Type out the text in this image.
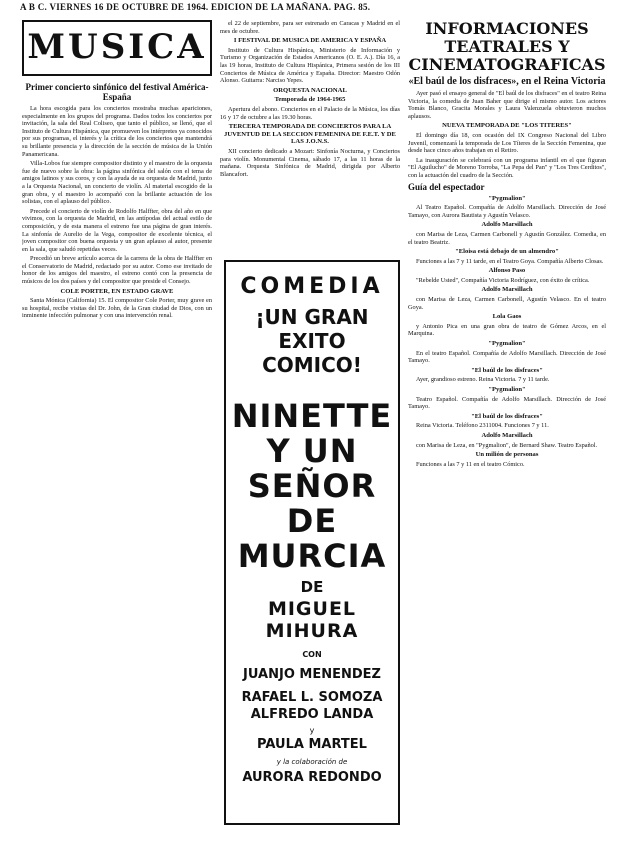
A B C. VIERNES 16 DE OCTUBRE DE 1964. EDICION DE LA MAÑANA. PAG. 85.
MUSICA
Primer concierto sinfónico del festival América-España

La hora escogida para los conciertos mostraba muchas apariciones, especialmente en los grupos del programa. Dados todos los conciertos por invitación, la sala del Real Coliseo, que tanto el público, se llenó, que el Instituto de Cultura Hispánica, que promueven los intérpretes ya conocidos por sus programas, el interés y la crítica de los conciertos que mantendrá su brillante presencia y la dirección de la sección de música de la Unión Panamericana.

Villa-Lobos fue siempre compositor distinto y el maestro de la orquesta fue de nuevo sobre la obra: la página sinfónica del salón con el tema de amigos latinos y sus coros, y con la ayuda de su orquesta de Madrid, junto a la Orquesta Nacional, un concierto de violín. Al material escogido de la gran obra, y el maestro lo acompañó con la brillante actuación de los solistas, con el aplauso del público.

Precede el concierto de violín de Rodolfo Halffter, obra del año en que vivimos, con la orquesta de Madrid, en las antípodas del actual estilo de composición, y de esta manera el estreno fue una página de gran interés. La sinfonía de Aurelio de la Vega, compositor de excelente técnica, el joven compositor con buena orquesta y un gran aplauso al autor, presente en la sala, que saludó repetidas veces.

Precedió un breve artículo acerca de la carrera de la obra de Halffter en el Conservatorio de Madrid, redactado por su autor. Como ese invitado de honor de los amigos del maestro, el estreno contó con la presencia de músicos de los dos países y del compositor que preside el Consejo.

COLE PORTER, EN ESTADO GRAVE

Santa Mónica (California) 15. El compositor Cole Porter, muy grave en su hospital, recibe visitas del Dr. John, de la Gran ciudad de Dios, con un inminente infección pulmonar y con una intervención renal.

el 22 de septiembre, para ser estrenado en Caracas y Madrid en el mes de octubre.

I FESTIVAL DE MUSICA DE AMERICA Y ESPAÑA

Instituto de Cultura Hispánica, Ministerio de Información y Turismo y Organización de Estados Americanos (O. E. A.). Día 16, a las 19 horas, Instituto de Cultura Hispánica, Primera sesión de los III Conciertos de Música de América y España. Director: Maestro Odón Alonso. Guitarra: Narciso Yepes.

ORQUESTA NACIONAL
Temporada de 1964-1965

Apertura del abono. Conciertos en el Palacio de la Música, los días 16 y 17 de octubre a las 19.30 horas.

TERCERA TEMPORADA DE CONCIERTOS PARA LA JUVENTUD DE LA SECCION FEMENINA DE F.E.T. Y DE LAS J.O.N.S.

XII concierto dedicado a Mozart: Sinfonía Nocturna, y Conciertos para violín. Monumental Cinema, sábado 17, a las 11 horas de la mañana. Orquesta Sinfónica de Madrid, dirigida por Alberto Blancafort.

COMEDIA
¡UN GRAN EXITO COMICO!
NINETTE Y UN SEÑOR DE MURCIA
DE
MIGUEL MIHURA
CON
JUANJO MENENDEZ
RAFAEL L. SOMOZA
ALFREDO LANDA
y
PAULA MARTEL
y la colaboración de
AURORA REDONDO
INFORMACIONES TEATRALES Y CINEMATOGRAFICAS
«El baúl de los disfraces», en el Reina Victoria

Ayer pasó el ensayo general de "El baúl de los disfraces" en el teatro Reina Victoria, la comedia de Juan Baher que dirige el mismo autor. Los actores Tomás Blanco, Gracita Morales y Laura Valenzuela obtuvieron muchos aplausos.

NUEVA TEMPORADA DE "LOS TITERES"

El domingo día 18, con ocasión del IX Congreso Nacional del Libro Juvenil, comenzará la temporada de Los Títeres de la Sección Femenina, que desde hace cinco años trabajan en el Retiro.

La inauguración se celebrará con un programa infantil en el que figuran "El Aguilucho" de Moreno Torroba, "La Pepa del Pan" y "Los Tres Cerditos", con la actuación del cuadro de la Sección.

Guía del espectador
"Pygmalion"

Al Teatro Español. Compañía de Adolfo Marsillach. Dirección de José Tamayo, con Aurora Bautista y Agustín Velasco.

Adolfo Marsillach

con Marisa de Leza, Carmen Carbonell y Agustín González. Comedia, en el teatro Beatriz.

"Eloisa está debajo de un almendro"

Funciones a las 7 y 11 tarde, en el Teatro Goya. Compañía Alberto Closas.

Alfonso Paso

"Rebelde Usted", Compañía Victoria Rodríguez, con éxito de crítica.

Adolfo Marsillach

con Marisa de Leza, Carmen Carbonell, Agustín Velasco. En el teatro Goya.

Lola Gaos

y Antonio Pica en una gran obra de teatro de Gómez Arcos, en el Marquina.

"Pygmalion"

En el teatro Español. Compañía de Adolfo Marsillach. Dirección de José Tamayo.

"El baúl de los disfraces"

Ayer, grandioso estreno. Reina Victoria. 7 y 11 tarde.

"Pygmalion"

Teatro Español. Compañía de Adolfo Marsillach. Dirección de José Tamayo.

"El baúl de los disfraces"

Reina Victoria. Teléfono 2311004. Funciones 7 y 11.

Adolfo Marsillach

con Marisa de Leza, en "Pygmalion", de Bernard Shaw. Teatro Español.

Un milión de personas

Funciones a las 7 y 11 en el teatro Cómico.
